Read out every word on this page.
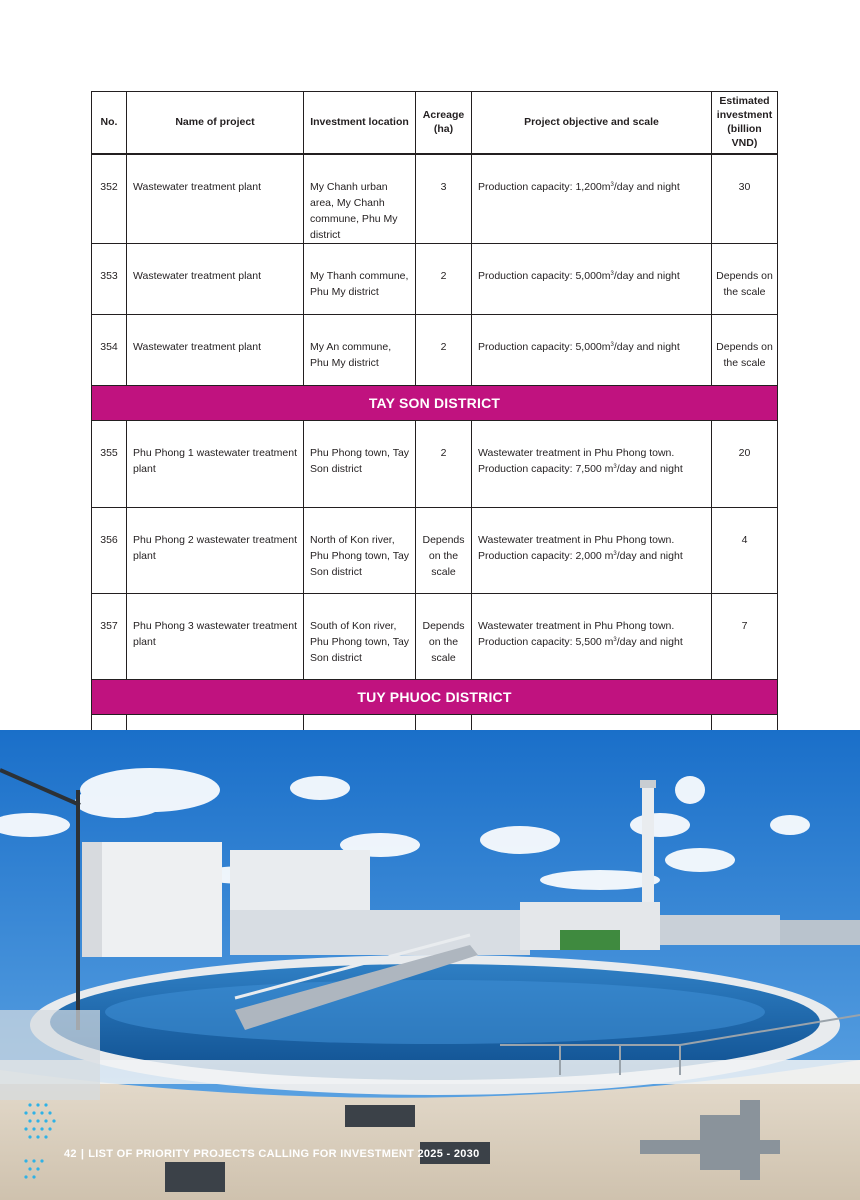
No.	Name of project	Investment location	Acreage (ha)	Project objective and scale	Estimated investment (billion VND)
352	Wastewater treatment plant	My Chanh urban area, My Chanh commune, Phu My district	3	Production capacity: $1,200m^3$/day and night	30
353	Wastewater treatment plant	My Thanh commune, Phu My district	2	Production capacity: $5,000m^3$/day and night	Depends on the scale
354	Wastewater treatment plant	My An commune, Phu My district	2	Production capacity: $5,000m^3$/day and night	Depends on the scale
TAY SON DISTRICT					
355	Phu Phong 1 wastewater treatment plant	Phu Phong town, Tay Son district	2	Wastewater treatment in Phu Phong town.
Production capacity: 7,500 $m^3$/day and night	20
356	Phu Phong 2 wastewater treatment plant	North of Kon river, Phu Phong town, Tay Son district	Depends on the scale	Wastewater treatment in Phu Phong town.
Production capacity: 2,000 $m^3$/day and night	4
357	Phu Phong 3 wastewater treatment plant	South of Kon river, Phu Phong town, Tay Son district	Depends on the scale	Wastewater treatment in Phu Phong town.
Production capacity: 5,500 $m^3$/day and night	7
TUY PHUOC DISTRICT					

42 | LIST OF PRIORITY PROJECTS CALLING FOR INVESTMENT 2025 - 2030
